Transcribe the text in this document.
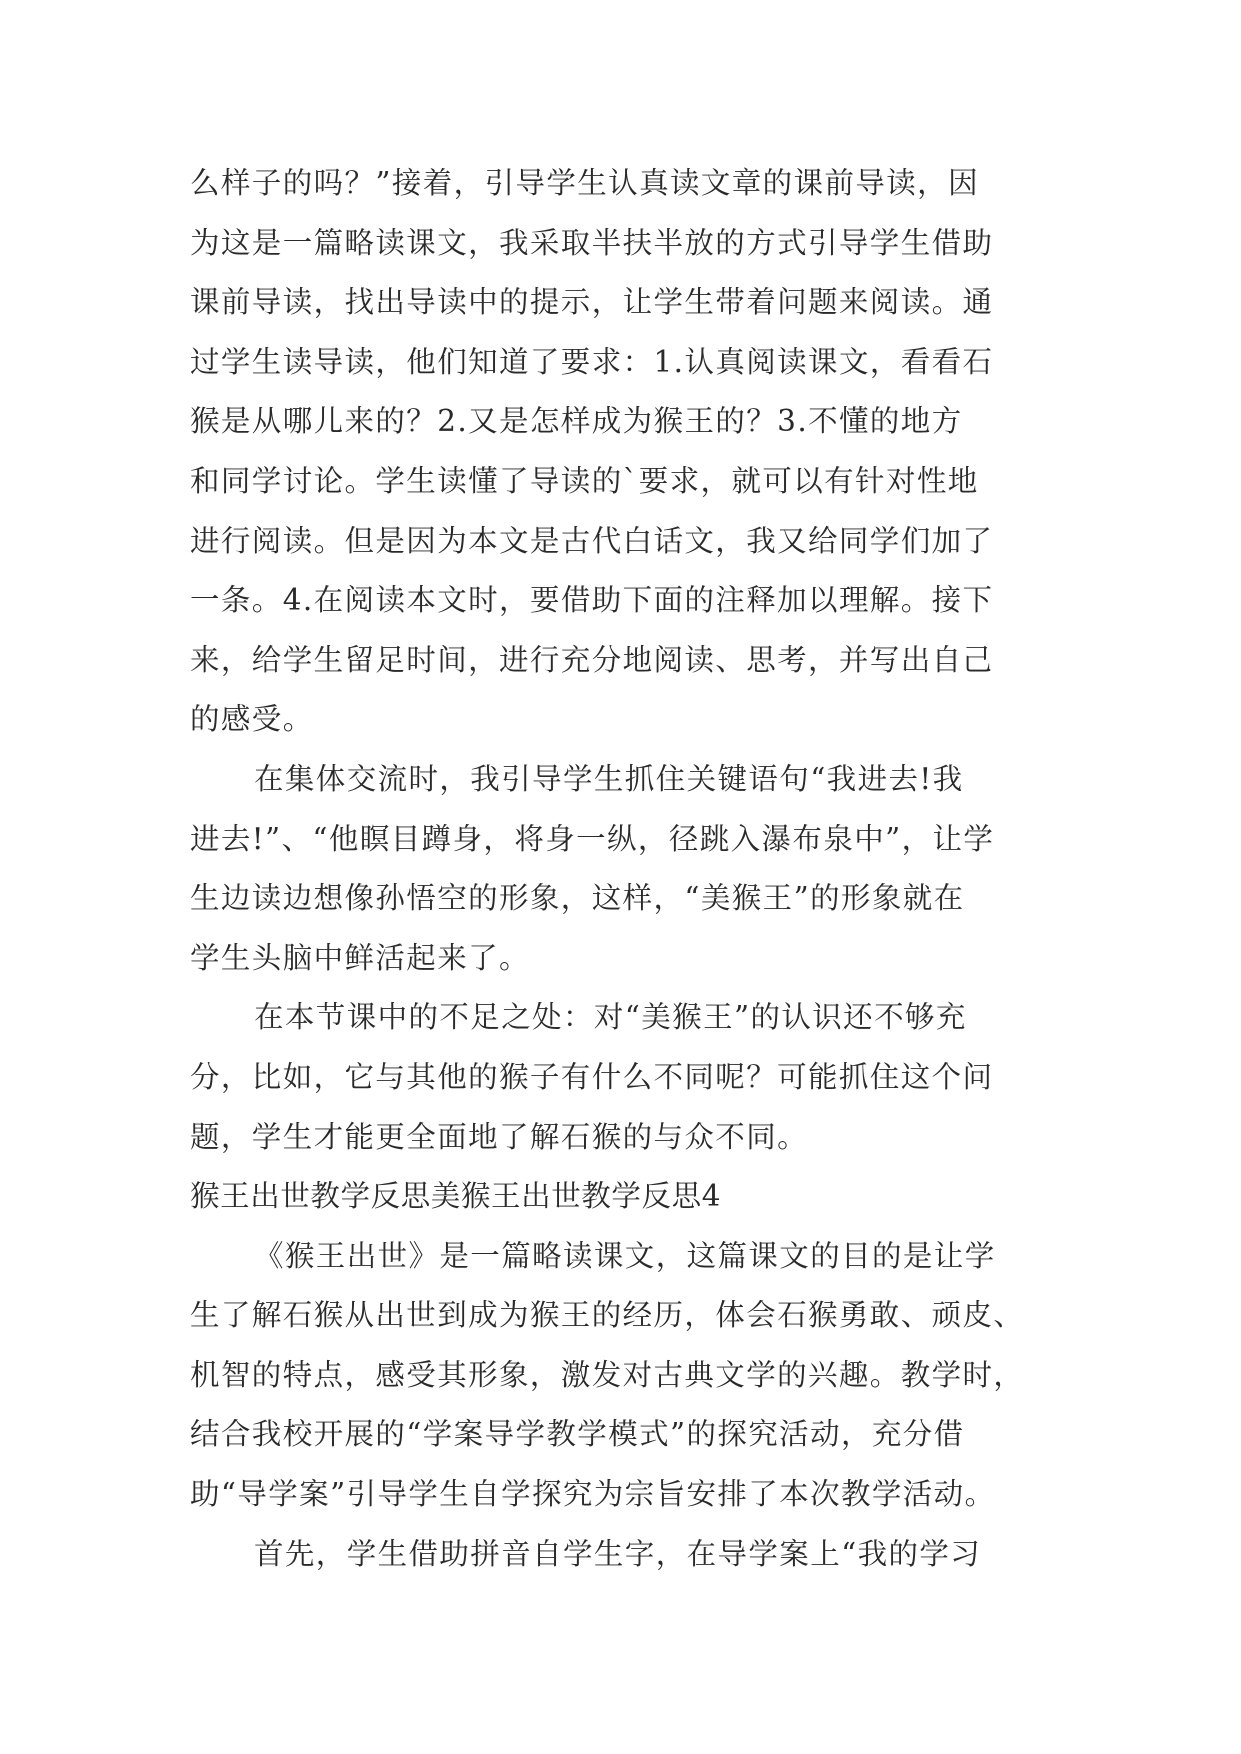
么样子的吗？”接着，引导学生认真读文章的课前导读，因
为这是一篇略读课文，我采取半扶半放的方式引导学生借助
课前导读，找出导读中的提示，让学生带着问题来阅读。通
过学生读导读，他们知道了要求：1.认真阅读课文，看看石
猴是从哪儿来的？2.又是怎样成为猴王的？3.不懂的地方
和同学讨论。学生读懂了导读的`要求，就可以有针对性地
进行阅读。但是因为本文是古代白话文，我又给同学们加了
一条。4.在阅读本文时，要借助下面的注释加以理解。接下
来，给学生留足时间，进行充分地阅读、思考，并写出自己
的感受。
在集体交流时，我引导学生抓住关键语句“我进去!我
进去!”、“他瞑目蹲身，将身一纵，径跳入瀑布泉中”，让学
生边读边想像孙悟空的形象，这样，“美猴王”的形象就在
学生头脑中鲜活起来了。
在本节课中的不足之处：对“美猴王”的认识还不够充
分，比如，它与其他的猴子有什么不同呢？可能抓住这个问
题，学生才能更全面地了解石猴的与众不同。
猴王出世教学反思美猴王出世教学反思4
《猴王出世》是一篇略读课文，这篇课文的目的是让学
生了解石猴从出世到成为猴王的经历，体会石猴勇敢、顽皮、
机智的特点，感受其形象，激发对古典文学的兴趣。教学时，
结合我校开展的“学案导学教学模式”的探究活动，充分借
助“导学案”引导学生自学探究为宗旨安排了本次教学活动。
首先，学生借助拼音自学生字，在导学案上“我的学习
